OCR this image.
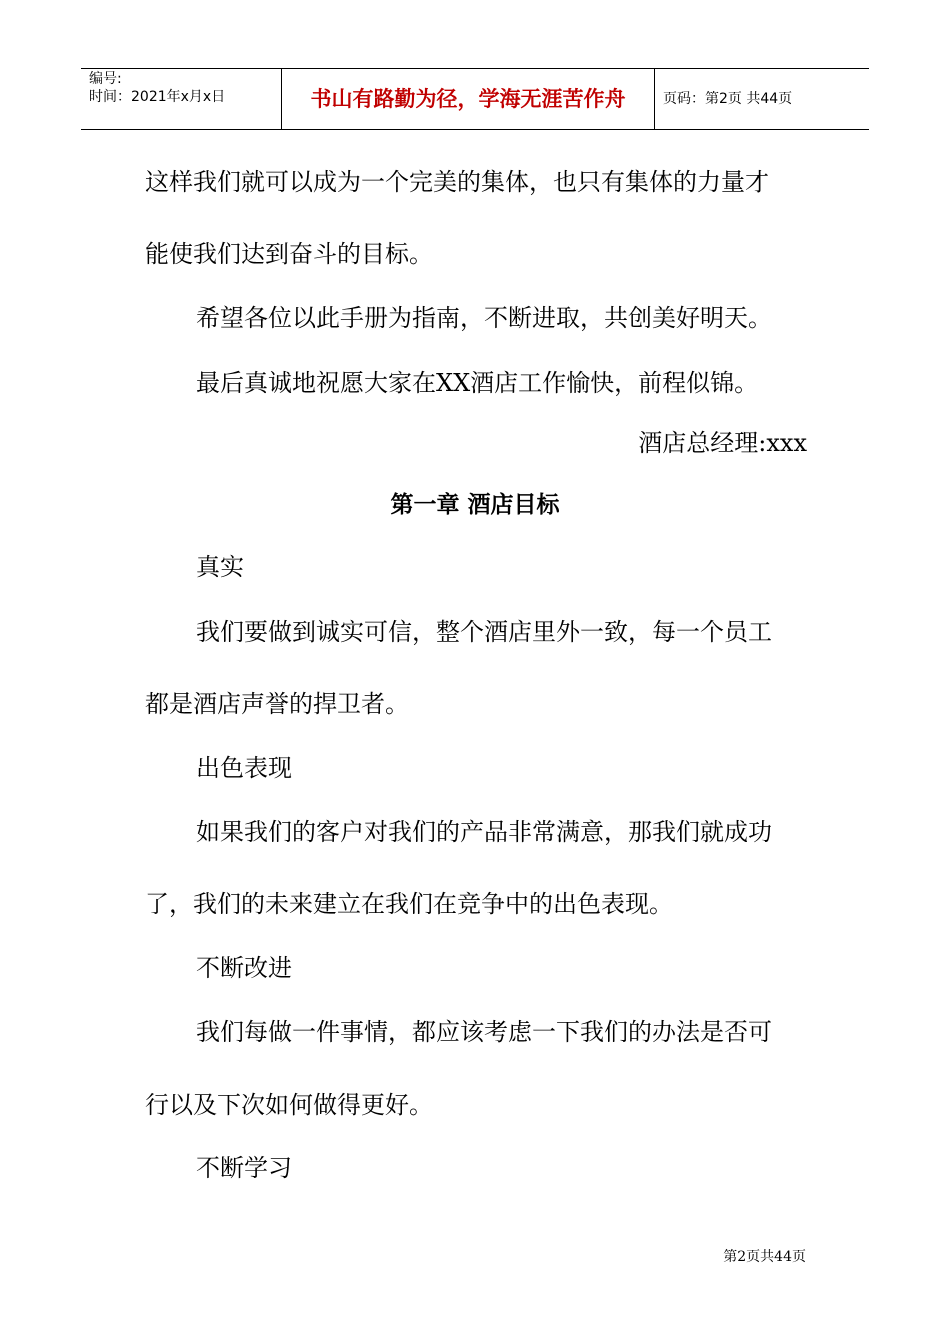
编号:
时间：2021年x月x日	书山有路勤为径，学海无涯苦作舟	页码：第2页 共44页
这样我们就可以成为一个完美的集体，也只有集体的力量才
能使我们达到奋斗的目标。
希望各位以此手册为指南，不断进取，共创美好明天。
最后真诚地祝愿大家在XX酒店工作愉快，前程似锦。
酒店总经理:xxx
第一章 酒店目标
真实
我们要做到诚实可信，整个酒店里外一致，每一个员工
都是酒店声誉的捍卫者。
出色表现
如果我们的客户对我们的产品非常满意，那我们就成功
了，我们的未来建立在我们在竞争中的出色表现。
不断改进
我们每做一件事情，都应该考虑一下我们的办法是否可
行以及下次如何做得更好。
不断学习
第2页共44页
